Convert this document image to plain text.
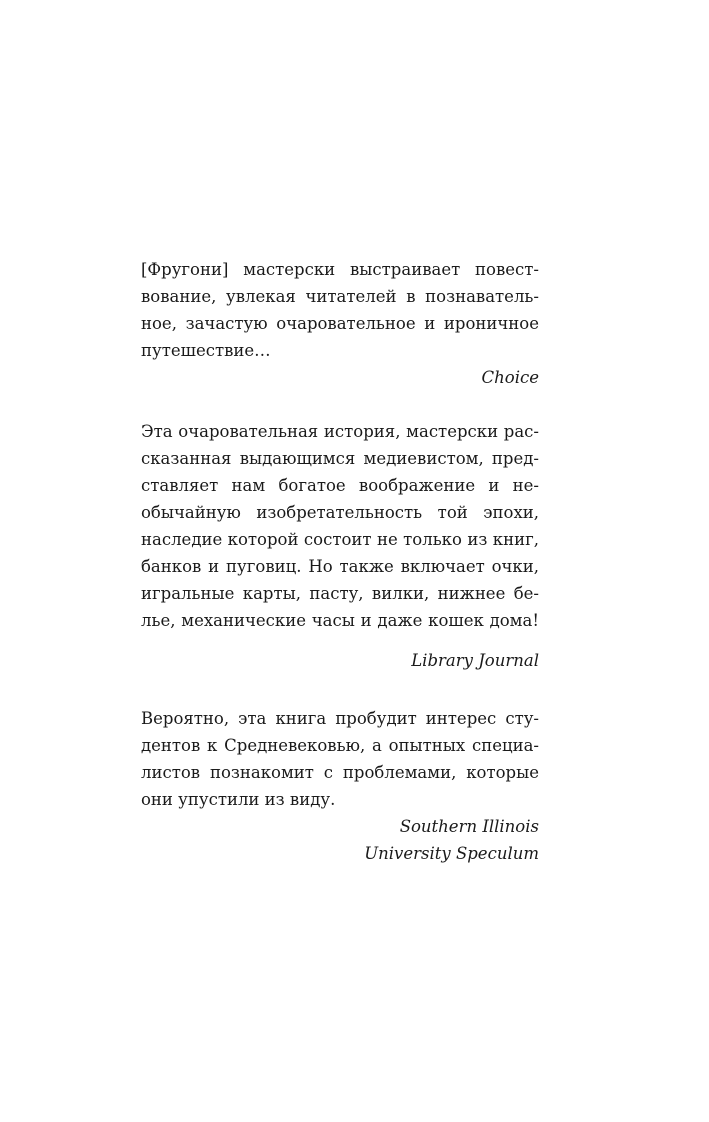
[Фругони] мастерски выстраивает повест-
вование, увлекая читателей в познаватель-
ное, зачастую очаровательное и ироничное
путешествие…
Choice
Эта очаровательная история, мастерски рас-
сказанная выдающимся медиевистом, пред-
ставляет нам богатое воображение и не-
обычайную изобретательность той эпохи,
наследие которой состоит не только из книг,
банков и пуговиц. Но также включает очки,
игральные карты, пасту, вилки, нижнее бе-
лье, механические часы и даже кошек дома!
Library Journal
Вероятно, эта книга пробудит интерес сту-
дентов к Средневековью, а опытных специа-
листов познакомит с проблемами, которые
они упустили из виду.
Southern Illinois
University Speculum
